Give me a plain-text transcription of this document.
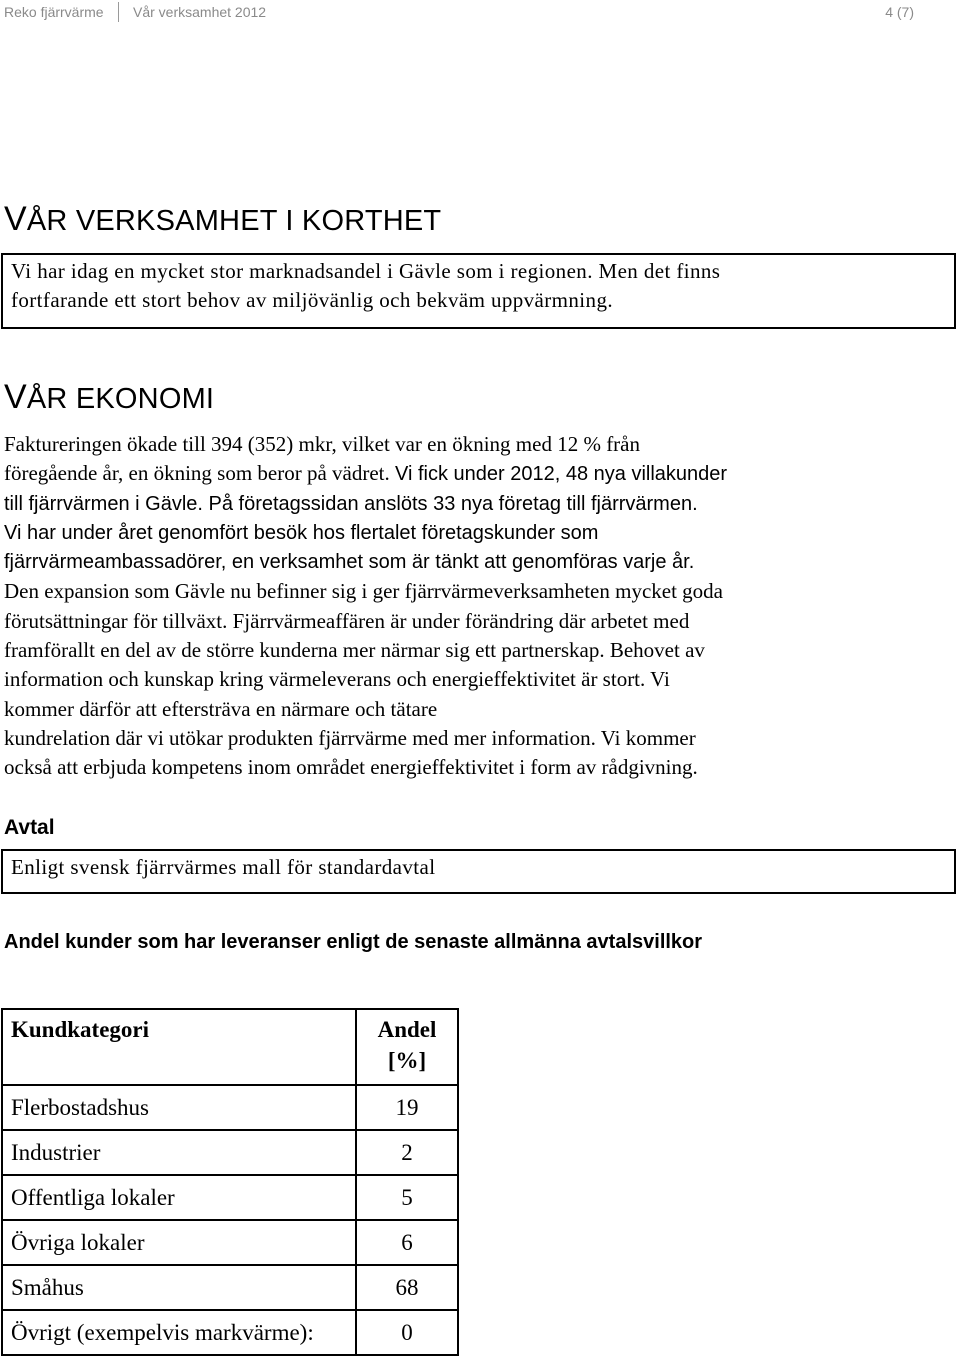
Reko fjärrvärme Vår verksamhet 2012	4 (7)
VÅR VERKSAMHET I KORTHET
Vi har idag en mycket stor marknadsandel i Gävle som i regionen. Men det finns
fortfarande ett stort behov av miljövänlig och bekväm uppvärmning.
VÅR EKONOMI
Faktureringen ökade till 394 (352) mkr, vilket var en ökning med 12 % från
föregående år, en ökning som beror på vädret. Vi fick under 2012, 48 nya villakunder
till fjärrvärmen i Gävle. På företagssidan anslöts 33 nya företag till fjärrvärmen.
Vi har under året genomfört besök hos flertalet företagskunder som
fjärrvärmeambassadörer, en verksamhet som är tänkt att genomföras varje år.
Den expansion som Gävle nu befinner sig i ger fjärrvärmeverksamheten mycket goda
förutsättningar för tillväxt. Fjärrvärmeaffären är under förändring där arbetet med
framförallt en del av de större kunderna mer närmar sig ett partnerskap. Behovet av
information och kunskap kring värmeleverans och energieffektivitet är stort. Vi
kommer därför att eftersträva en närmare och tätare
kundrelation där vi utökar produkten fjärrvärme med mer information. Vi kommer
också att erbjuda kompetens inom området energieffektivitet i form av rådgivning.
Avtal
Enligt svensk fjärrvärmes mall för standardavtal
Andel kunder som har leveranser enligt de senaste allmänna avtalsvillkor
Kundkategori	Andel
[%]

Flerbostadshus	19
Industrier	2
Offentliga lokaler	5
Övriga lokaler	6
Småhus	68
Övrigt (exempelvis markvärme):	0
